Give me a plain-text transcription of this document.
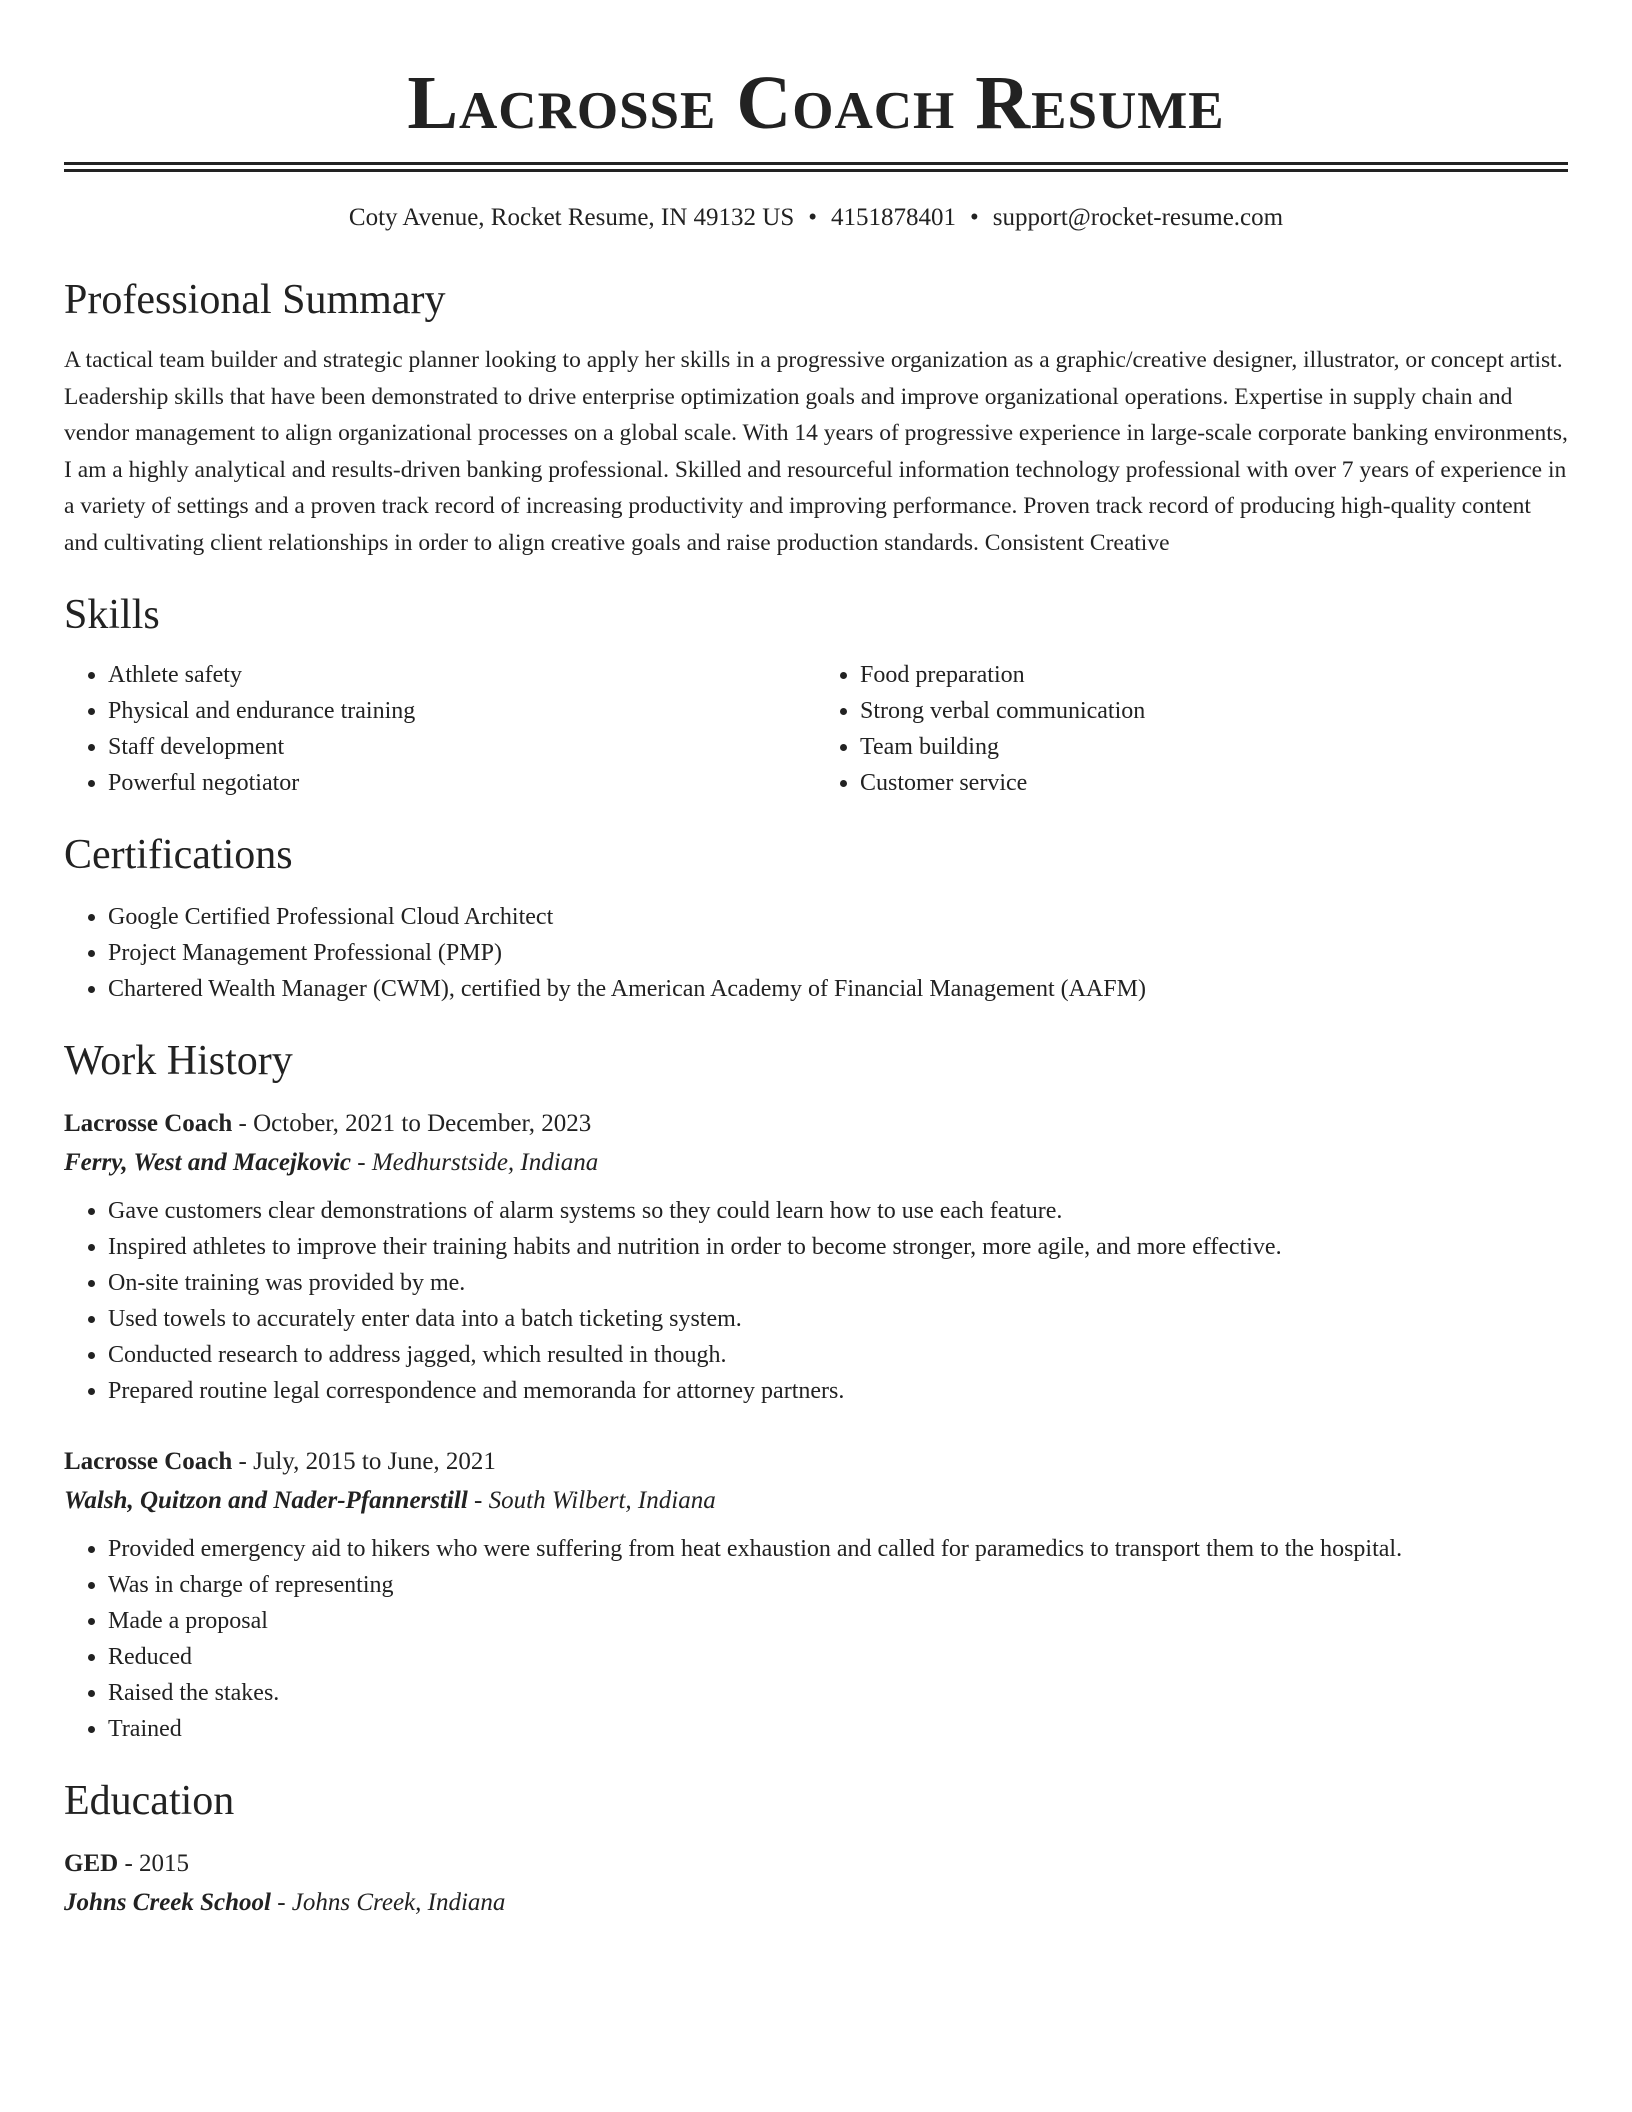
Lacrosse Coach Resume
Coty Avenue, Rocket Resume, IN 49132 US • 4151878401 • support@rocket-resume.com
Professional Summary
A tactical team builder and strategic planner looking to apply her skills in a progressive organization as a graphic/creative designer, illustrator, or concept artist. Leadership skills that have been demonstrated to drive enterprise optimization goals and improve organizational operations. Expertise in supply chain and vendor management to align organizational processes on a global scale. With 14 years of progressive experience in large-scale corporate banking environments, I am a highly analytical and results-driven banking professional. Skilled and resourceful information technology professional with over 7 years of experience in a variety of settings and a proven track record of increasing productivity and improving performance. Proven track record of producing high-quality content and cultivating client relationships in order to align creative goals and raise production standards. Consistent Creative
Skills
• Athlete safety
• Physical and endurance training
• Staff development
• Powerful negotiator
• Food preparation
• Strong verbal communication
• Team building
• Customer service
Certifications
• Google Certified Professional Cloud Architect
• Project Management Professional (PMP)
• Chartered Wealth Manager (CWM), certified by the American Academy of Financial Management (AAFM)
Work History
Lacrosse Coach - October, 2021 to December, 2023
Ferry, West and Macejkovic - Medhurstside, Indiana
• Gave customers clear demonstrations of alarm systems so they could learn how to use each feature.
• Inspired athletes to improve their training habits and nutrition in order to become stronger, more agile, and more effective.
• On-site training was provided by me.
• Used towels to accurately enter data into a batch ticketing system.
• Conducted research to address jagged, which resulted in though.
• Prepared routine legal correspondence and memoranda for attorney partners.
Lacrosse Coach - July, 2015 to June, 2021
Walsh, Quitzon and Nader-Pfannerstill - South Wilbert, Indiana
• Provided emergency aid to hikers who were suffering from heat exhaustion and called for paramedics to transport them to the hospital.
• Was in charge of representing
• Made a proposal
• Reduced
• Raised the stakes.
• Trained
Education
GED - 2015
Johns Creek School - Johns Creek, Indiana
